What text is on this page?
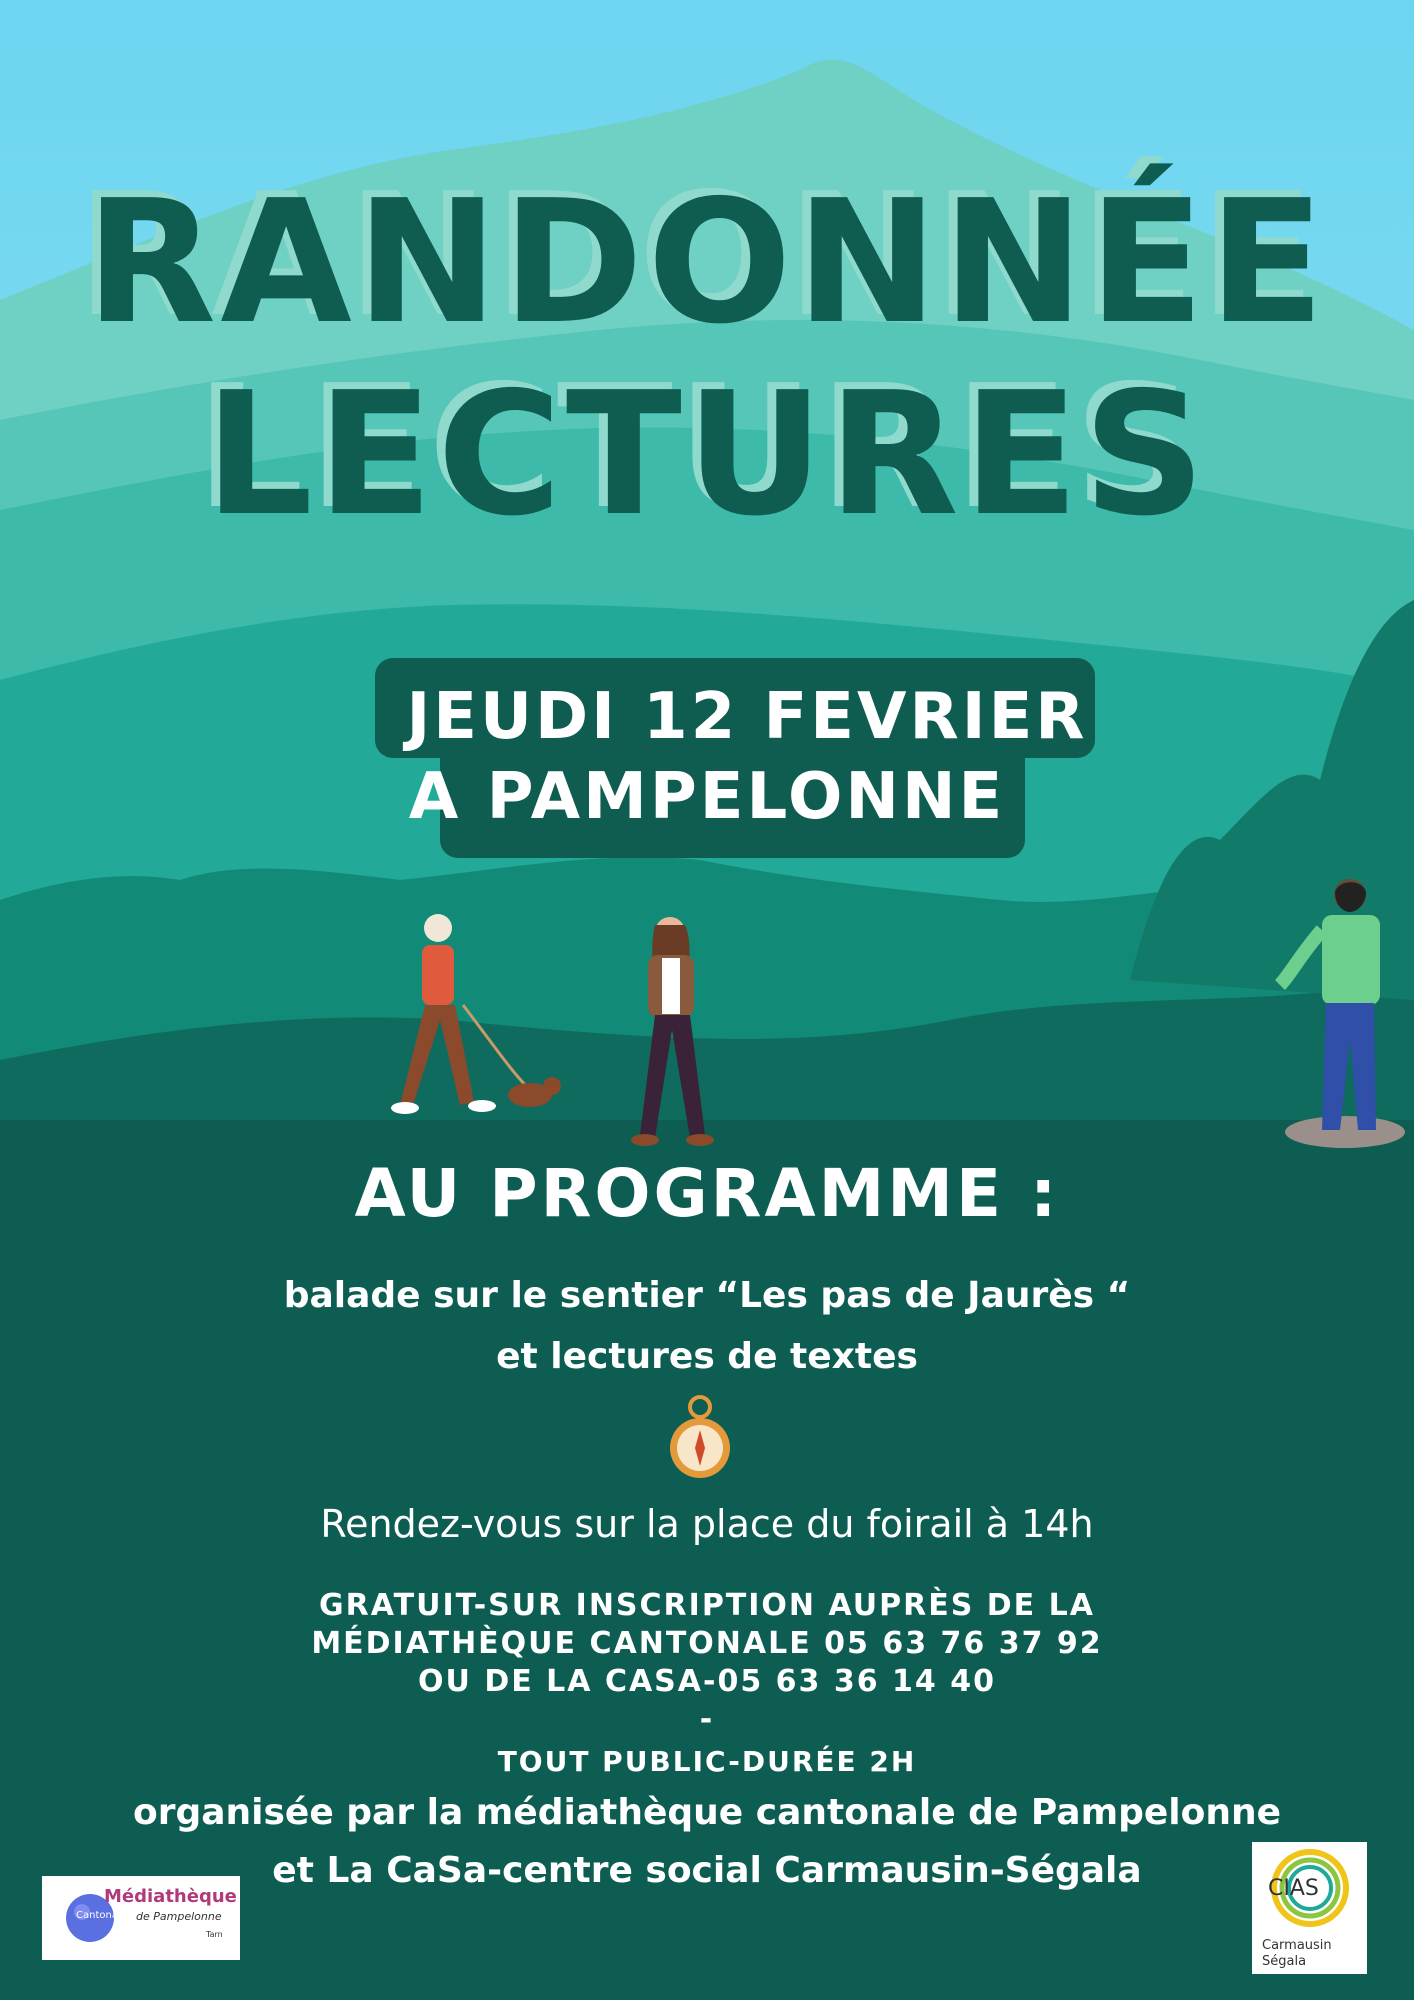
RANDONNÉE
LECTURES
JEUDI 12 FEVRIER
A PAMPELONNE
AU PROGRAMME :
balade sur le sentier “Les pas de Jaurès “
et lectures de textes
Rendez-vous sur la place du foirail à 14h
GRATUIT-SUR INSCRIPTION AUPRÈS DE LA
MÉDIATHÈQUE CANTONALE 05 63 76 37 92
OU DE LA CASA-05 63 36 14 40
-
TOUT PUBLIC-DURÉE 2H
organisée par la médiathèque cantonale de Pampelonne
et La CaSa-centre social Carmausin-Ségala
Médiathèque
Cantonale de Pampelonne
Tarn
CIAS
Carmausin
Ségala
